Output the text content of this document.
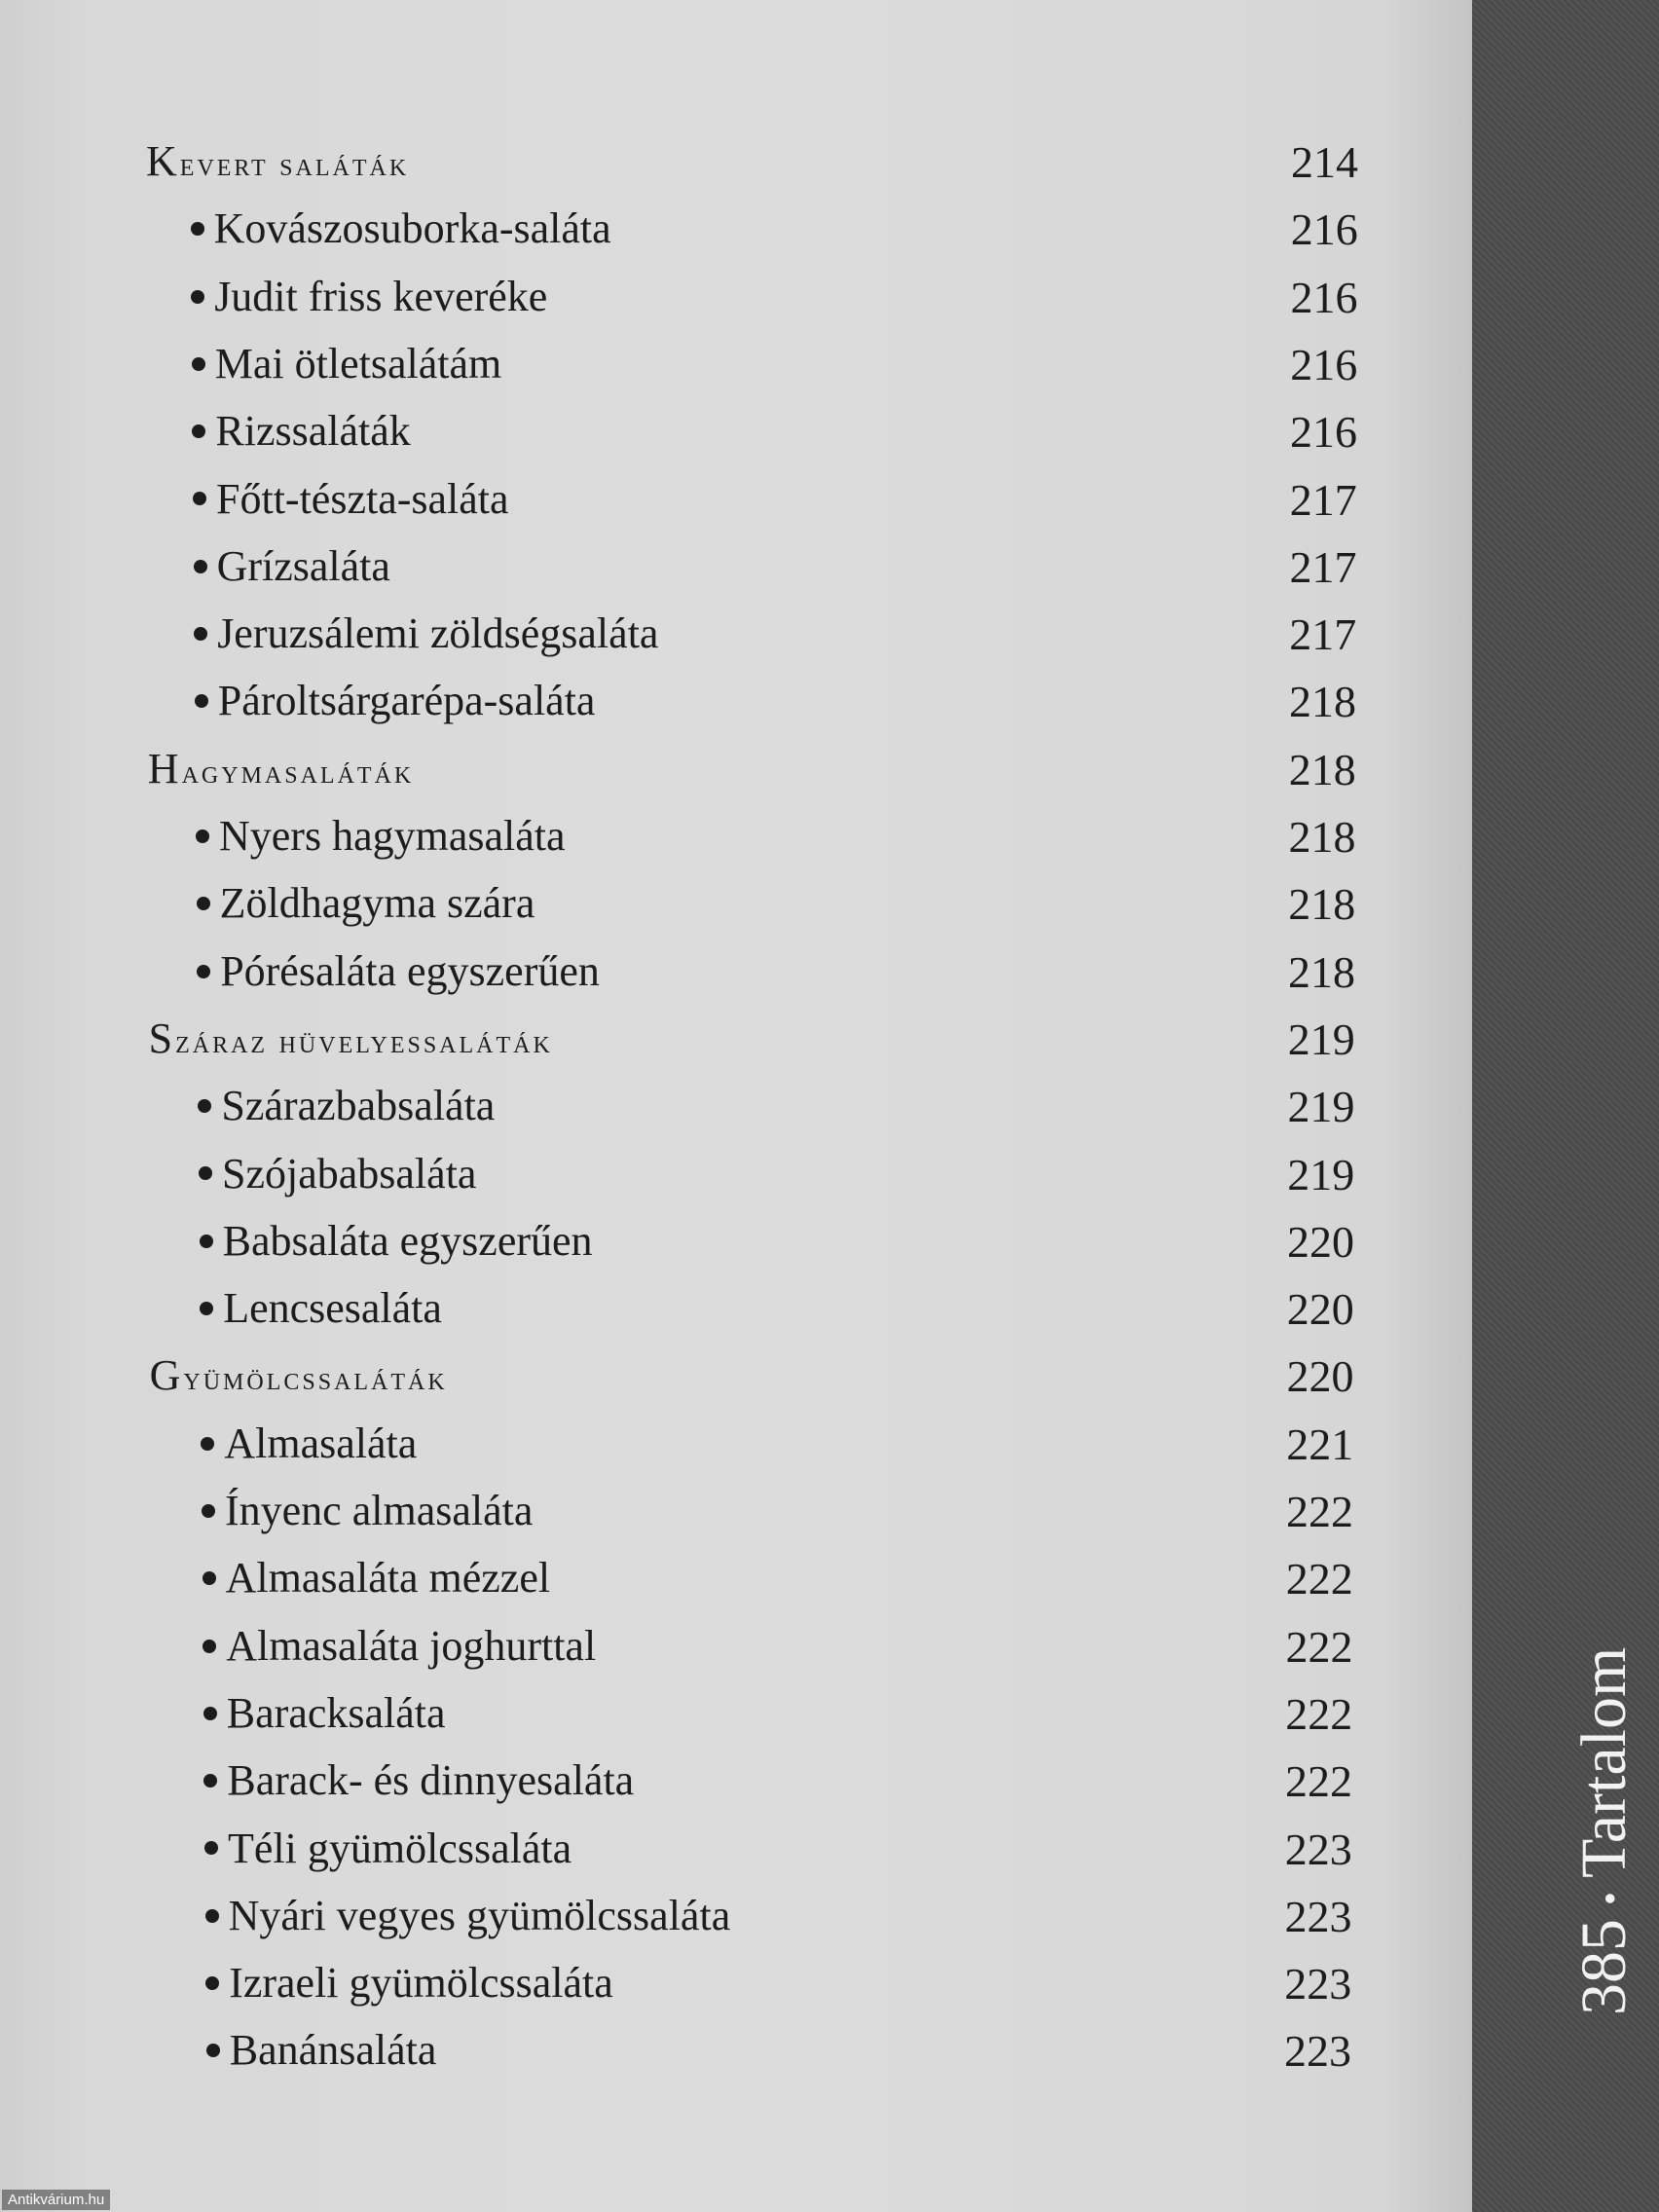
Kevert saláták	214
Kovászosuborka-saláta	216
Judit friss keveréke	216
Mai ötletsalátám	216
Rizssaláták	216
Főtt-tészta-saláta	217
Grízsaláta	217
Jeruzsálemi zöldségsaláta	217
Pároltsárgarépa-saláta	218
Hagymasaláták	218
Nyers hagymasaláta	218
Zöldhagyma szára	218
Pórésaláta egyszerűen	218
Száraz hüvelyessaláták	219
Szárazbabsaláta	219
Szójababsaláta	219
Babsaláta egyszerűen	220
Lencsesaláta	220
Gyümölcssaláták	220
Almasaláta	221
Ínyenc almasaláta	222
Almasaláta mézzel	222
Almasaláta joghurttal	222
Baracksaláta	222
Barack- és dinnyesaláta	222
Téli gyümölcssaláta	223
Nyári vegyes gyümölcssaláta	223
Izraeli gyümölcssaláta	223
Banánsaláta	223
385•Tartalom
Antikvárium.hu
